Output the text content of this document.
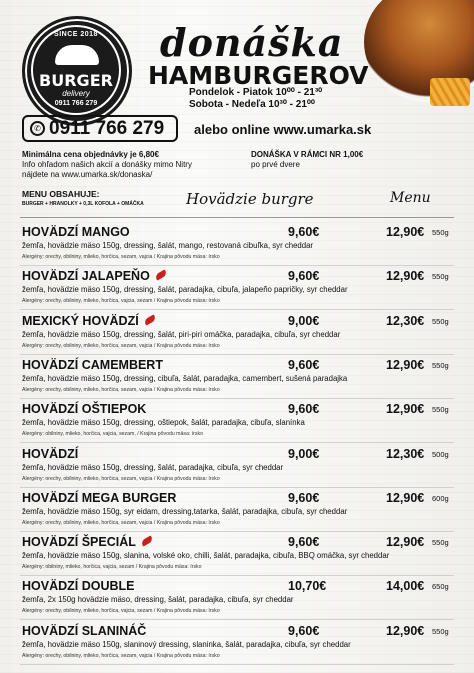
SINCE 2018
BURGER
delivery
0911 766 279
donáška
HAMBURGEROV
Pondelok - Piatok 10⁰⁰ - 21³⁰
Sobota - Nedeľa 10³⁰ - 21⁰⁰
✆ 0911 766 279 alebo online www.umarka.sk
Minimálna cena objednávky je 6,80€
Info ohľadom našich akcií a donášky mimo Nitry
nájdete na www.umarka.sk/donaska/
DONÁŠKA V RÁMCI NR 1,00€
po prvé dvere
MENU OBSAHUJE:
BURGER + HRANOLKY + 0,3L KOFOLA + OMÁČKA	Hovädzie burgre	Menu
HOVÄDZÍ MANGO	9,60€	12,90€ 550g
žemľa, hovädzie mäso 150g, dressing, šalát, mango, restovaná cibuľka, syr cheddar
Alergény: orechy, obilniny, mlieko, horčica, sezam, vajcia / Krajina pôvodu mäsa: írsko
HOVÄDZÍ JALAPEŇO	9,60€	12,90€ 550g
žemľa, hovädzie mäso 150g, dressing, šalát, paradajka, cibuľa, jalapeño papričky, syr cheddar
Alergény: orechy, obilniny, mlieko, horčica, vajcia, sezam / Krajina pôvodu mäsa: írsko
MEXICKÝ HOVÄDZÍ	9,00€	12,30€ 550g
žemľa, hovädzie mäso 150g, dressing, šalát, piri-piri omáčka, paradajka, cibuľa, syr cheddar
Alergény: orechy, obilniny, mlieko, horčica, sezam, vajcia / Krajina pôvodu mäsa: írsko
HOVÄDZÍ CAMEMBERT	9,60€	12,90€ 550g
žemľa, hovädzie mäso 150g, dressing, cibuľa, šalát, paradajka, camembert, sušená paradajka
Alergény: orechy, obilniny, mlieko, horčica, sezam, vajcia / Krajina pôvodu mäsa: írsko
HOVÄDZÍ OŠTIEPOK	9,60€	12,90€ 550g
žemľa, hovädzie mäso 150g, dressing, oštiepok, šalát, paradajka, cibuľa, slanínka
Alergény: obilniny, mlieko, horčica, vajcia, sezam, / Krajina pôvodu mäsa: írsko
HOVÄDZÍ	9,00€	12,30€ 500g
žemľa, hovädzie mäso 150g, dressing, šalát, paradajka, cibuľa, syr cheddar
Alergény: orechy, obilniny, mlieko, horčica, sezam, vajcia / Krajina pôvodu mäsa: írsko
HOVÄDZÍ MEGA BURGER	9,60€	12,90€ 600g
žemľa, hovädzie mäso 150g, syr eidam, dressing,tatarka, šalát, paradajka, cibuľa, syr cheddar
Alergény: orechy, obilniny, mlieko, horčica, sezam, vajcia / Krajina pôvodu mäsa: írsko
HOVÄDZÍ ŠPECIÁL	9,60€	12,90€ 550g
žemľa, hovädzie mäso 150g, slanina, volské oko, chilli, šalát, paradajka, cibuľa, BBQ omáčka, syr cheddar
Alergény: obilniny, mlieko, horčica, vajcia, sezam / Krajina pôvodu mäsa: írsko
HOVÄDZÍ DOUBLE	10,70€	14,00€ 650g
žemľa, 2x 150g hovädzie mäso, dressing, šalát, paradajka, cibuľa, syr cheddar
Alergény: orechy, obilniny, mlieko, horčica, vajcia, sezam / Krajina pôvodu mäsa: írsko
HOVÄDZÍ SLANINÁČ	9,60€	12,90€ 550g
žemľa, hovädzie mäso 150g, slaninový dressing, slaninka, šalát, paradajka, cibuľa, syr cheddar
Alergény: orechy, obilniny, mlieko, horčica, sezam, vajcia / Krajina pôvodu mäsa: írsko
